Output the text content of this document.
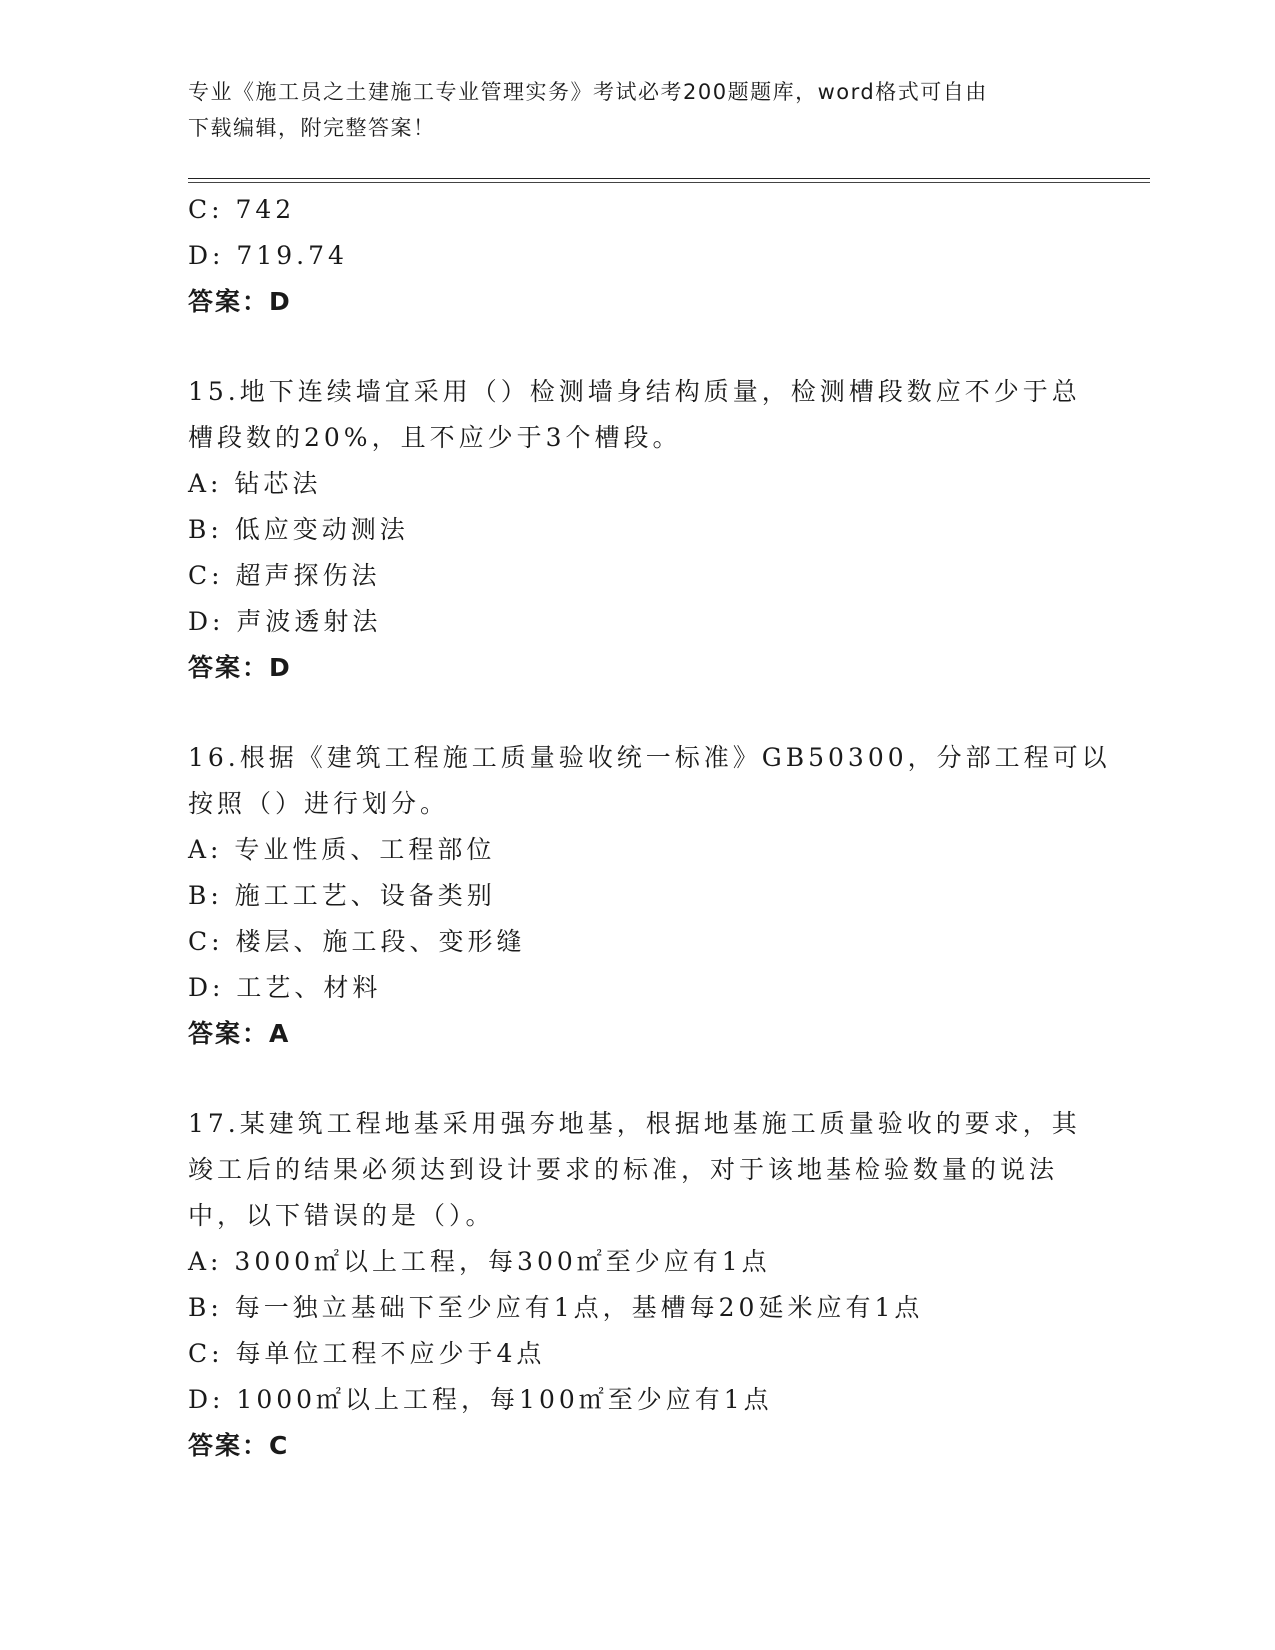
专业《施工员之土建施工专业管理实务》考试必考200题题库，word格式可自由
下载编辑，附完整答案！
C: 742
D: 719.74
答案：D
15.地下连续墙宜采用（）检测墙身结构质量，检测槽段数应不少于总
槽段数的20%，且不应少于3个槽段。
A: 钻芯法
B: 低应变动测法
C: 超声探伤法
D: 声波透射法
答案：D
16.根据《建筑工程施工质量验收统一标准》GB50300，分部工程可以
按照（）进行划分。
A: 专业性质、工程部位
B: 施工工艺、设备类别
C: 楼层、施工段、变形缝
D: 工艺、材料
答案：A
17.某建筑工程地基采用强夯地基，根据地基施工质量验收的要求，其
竣工后的结果必须达到设计要求的标准，对于该地基检验数量的说法
中，以下错误的是（）。
A: 3000㎡以上工程，每300㎡至少应有1点
B: 每一独立基础下至少应有1点，基槽每20延米应有1点
C: 每单位工程不应少于4点
D: 1000㎡以上工程，每100㎡至少应有1点
答案：C
